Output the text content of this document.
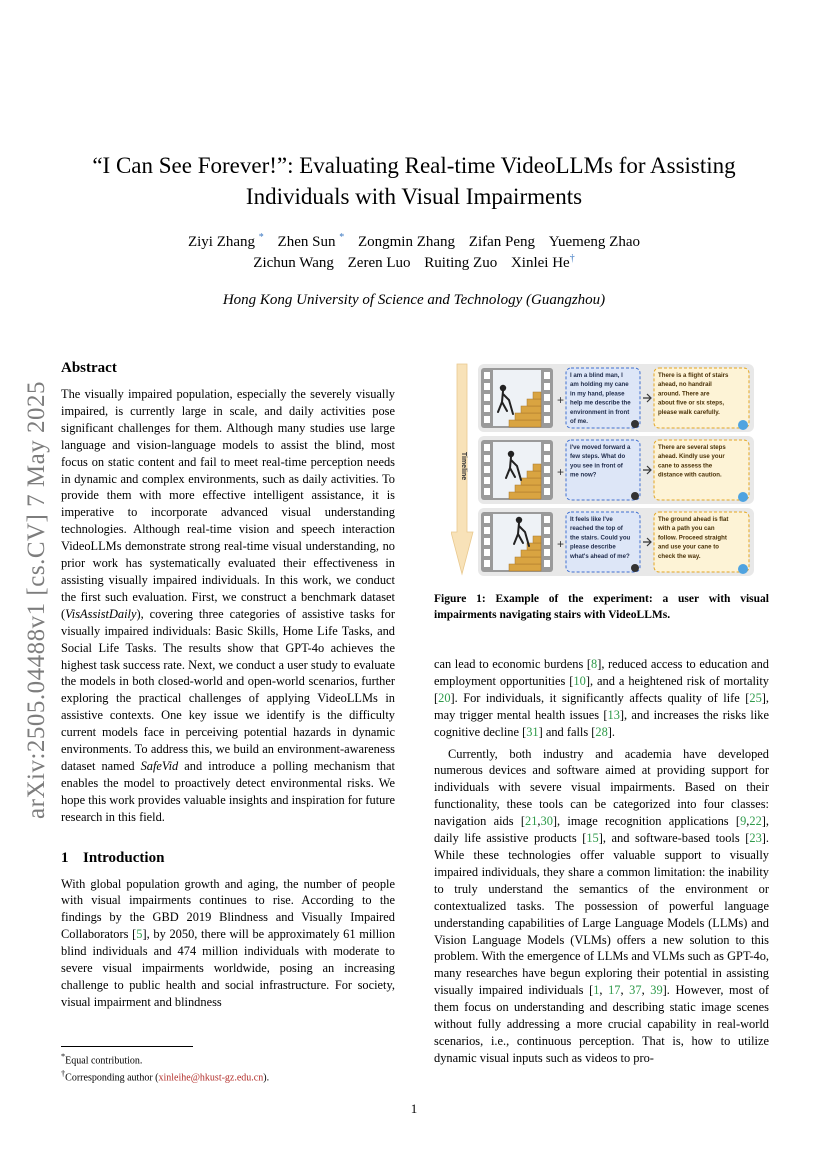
arXiv:2505.04488v1 [cs.CV] 7 May 2025
“I Can See Forever!”: Evaluating Real-time VideoLLMs for Assisting Individuals with Visual Impairments
Ziyi Zhang * Zhen Sun * Zongmin Zhang Zifan Peng Yuemeng Zhao
Zichun Wang Zeren Luo Ruiting Zuo Xinlei He†
Hong Kong University of Science and Technology (Guangzhou)
Abstract

The visually impaired population, especially the severely visually impaired, is currently large in scale, and daily activities pose significant challenges for them. Although many studies use large language and vision-language models to assist the blind, most focus on static content and fail to meet real-time perception needs in dynamic and complex environments, such as daily activities. To provide them with more effective intelligent assistance, it is imperative to incorporate advanced visual understanding technologies. Although real-time vision and speech interaction VideoLLMs demonstrate strong real-time visual understanding, no prior work has systematically evaluated their effectiveness in assisting visually impaired individuals. In this work, we conduct the first such evaluation. First, we construct a benchmark dataset (VisAssistDaily), covering three categories of assistive tasks for visually impaired individuals: Basic Skills, Home Life Tasks, and Social Life Tasks. The results show that GPT-4o achieves the highest task success rate. Next, we conduct a user study to evaluate the models in both closed-world and open-world scenarios, further exploring the practical challenges of applying VideoLLMs in assistive contexts. One key issue we identify is the difficulty current models face in perceiving potential hazards in dynamic environments. To address this, we build an environment-awareness dataset named SafeVid and introduce a polling mechanism that enables the model to proactively detect environmental risks. We hope this work provides valuable insights and inspiration for future research in this field.

1 Introduction

With global population growth and aging, the number of people with visual impairments continues to rise. According to the findings by the GBD 2019 Blindness and Visually Impaired Collaborators [5], by 2050, there will be approximately 61 million blind individuals and 474 million individuals with moderate to severe visual impairments worldwide, posing an increasing challenge to public health and social infrastructure. For society, visual impairment and blindness

*Equal contribution.
†Corresponding author (xinleihe@hkust-gz.edu.cn).
Timeline
+
I am a blind man, I
am holding my cane
in my hand, please
help me describe the
environment in front
of me.
There is a flight of stairs
ahead, no handrail
around. There are
about five or six steps,
please walk carefully.
+
I've moved forward a
few steps. What do
you see in front of
me now?
There are several steps
ahead. Kindly use your
cane to assess the
distance with caution.
+
It feels like I've
reached the top of
the stairs. Could you
please describe
what's ahead of me?
The ground ahead is flat
with a path you can
follow. Proceed straight
and use your cane to
check the way.
Figure 1: Example of the experiment: a user with visual impairments navigating stairs with VideoLLMs.

can lead to economic burdens [8], reduced access to education and employment opportunities [10], and a heightened risk of mortality [20]. For individuals, it significantly affects quality of life [25], may trigger mental health issues [13], and increases the risks like cognitive decline [31] and falls [28].

Currently, both industry and academia have developed numerous devices and software aimed at providing support for individuals with severe visual impairments. Based on their functionality, these tools can be categorized into four classes: navigation aids [21,30], image recognition applications [9,22], daily life assistive products [15], and software-based tools [23]. While these technologies offer valuable support to visually impaired individuals, they share a common limitation: the inability to truly understand the semantics of the environment or contextualized tasks. The possession of powerful language understanding capabilities of Large Language Models (LLMs) and Vision Language Models (VLMs) offers a new solution to this problem. With the emergence of LLMs and VLMs such as GPT-4o, many researches have begun exploring their potential in assisting visually impaired individuals [1, 17, 37, 39]. However, most of them focus on understanding and describing static image scenes without fully addressing a more crucial capability in real-world scenarios, i.e., continuous perception. That is, how to utilize dynamic visual inputs such as videos to pro-

1
